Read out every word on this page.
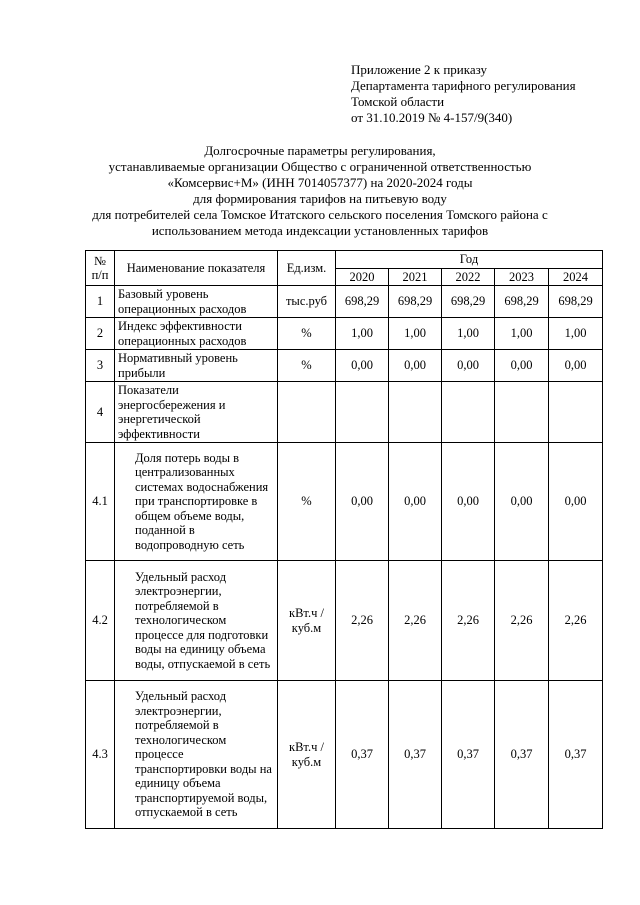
Приложение 2 к приказу
Департамента тарифного регулирования
Томской области
от 31.10.2019 № 4-157/9(340)
Долгосрочные параметры регулирования,
устанавливаемые организации Общество с ограниченной ответственностью
«Комсервис+М» (ИНН 7014057377) на 2020-2024 годы
для формирования тарифов на питьевую воду
для потребителей села Томское Итатского сельского поселения Томского района с
использованием метода индексации установленных тарифов
№ п/п	Наименование показателя	Ед.изм.	Год				
			2020	2021	2022	2023	2024
1	Базовый уровень операционных расходов	тыс.руб	698,29	698,29	698,29	698,29	698,29
2	Индекс эффективности операционных расходов	%	1,00	1,00	1,00	1,00	1,00
3	Нормативный уровень прибыли	%	0,00	0,00	0,00	0,00	0,00
4	Показатели энергосбережения и энергетической эффективности						
4.1	Доля потерь воды в централизованных системах водоснабжения при транспортировке в общем объеме воды, поданной в водопроводную сеть	%	0,00	0,00	0,00	0,00	0,00
4.2	Удельный расход электроэнергии, потребляемой в технологическом процессе для подготовки воды на единицу объема воды, отпускаемой в сеть	кВт.ч / куб.м	2,26	2,26	2,26	2,26	2,26
4.3	Удельный расход электроэнергии, потребляемой в технологическом процессе транспортировки воды на единицу объема транспортируемой воды, отпускаемой в сеть	кВт.ч / куб.м	0,37	0,37	0,37	0,37	0,37
